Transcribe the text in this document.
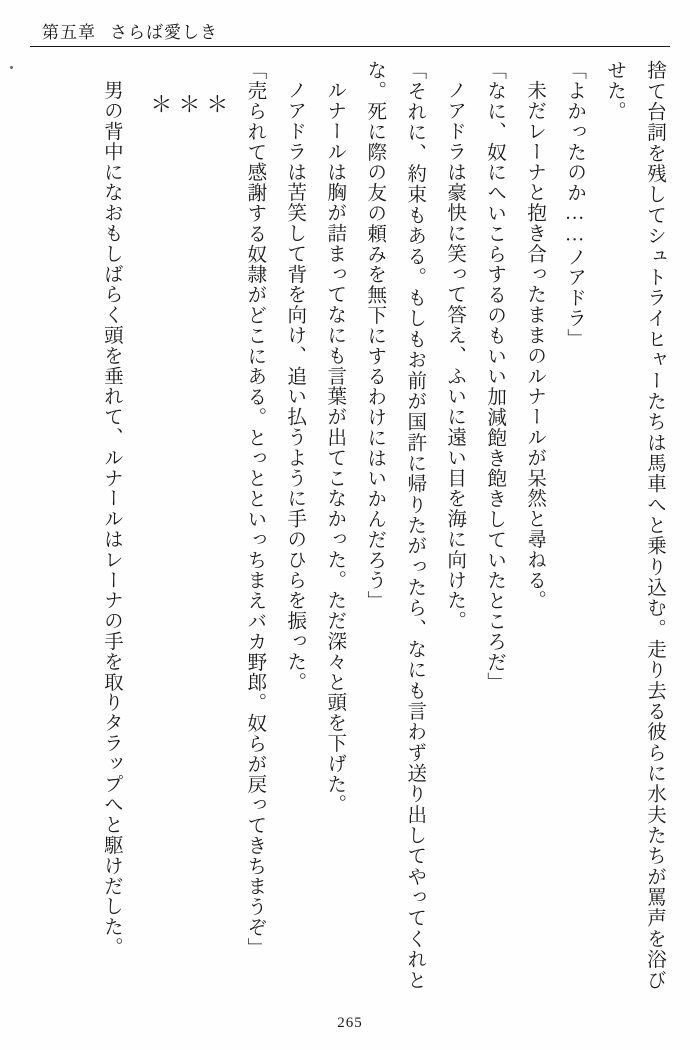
第五章 さらば愛しき

捨て台詞を残してシュトライヒャーたちは馬車へと乗り込む。走り去る彼らに水夫たちが罵声を浴びせた。

「よかったのか……ノアドラ」

未だレーナと抱き合ったままのルナールが呆然と尋ねる。

「なに、奴にへいこらするのもいい加減飽き飽きしていたところだ」

ノアドラは豪快に笑って答え、ふいに遠い目を海に向けた。

「それに、約束もある。もしもお前が国許に帰りたがったら、なにも言わず送り出してやってくれとな。死に際の友の頼みを無下にするわけにはいかんだろう」

ルナールは胸が詰まってなにも言葉が出てこなかった。ただ深々と頭を下げた。

ノアドラは苦笑して背を向け、追い払うように手のひらを振った。

「売られて感謝する奴隷がどこにある。とっとといっちまえバカ野郎。奴らが戻ってきちまうぞ」

＊＊＊

男の背中になおもしばらく頭を垂れて、ルナールはレーナの手を取りタラップへと駆けだした。

265
